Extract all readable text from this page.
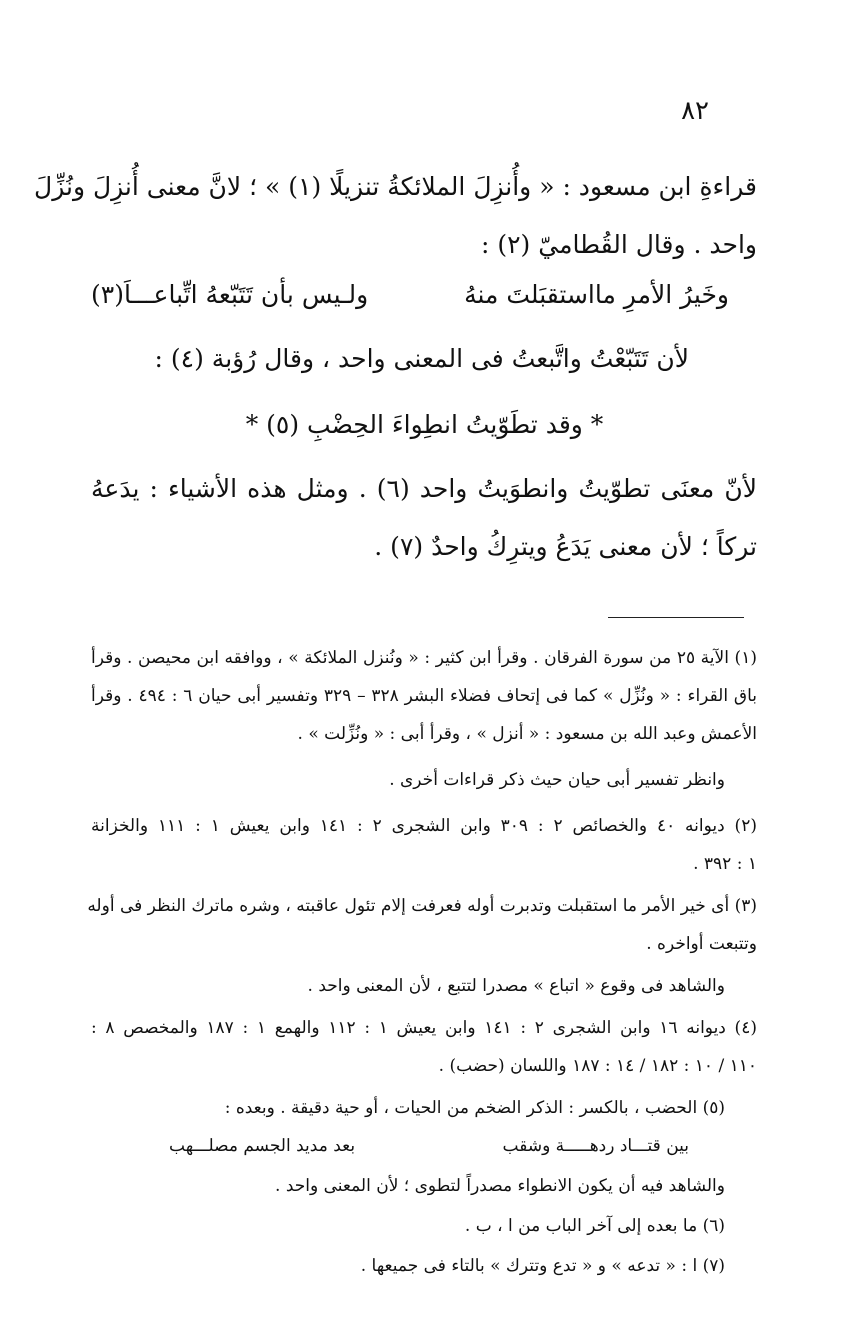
٨٢
قراءةِ ابن مسعود : « وأُنزِلَ الملائكةُ تنزيلًا (١) » ؛ لانَّ معنى أُنزِلَ ونُزِّلَ
واحد . وقال القُطاميّ (٢) :
وخَيرُ الأمرِ مااستقبَلتَ منهُ
ولـيس بأن تَتَبّعهُ اتِّباعـــاَ(٣)
لأن تَتَبّعْتُ واتَّبعتُ فى المعنى واحد ، وقال رُؤبة (٤) :
* وقد تطَوّيتُ انطِواءَ الحِضْبِ (٥) *
لأنّ معنَى تطوّيتُ وانطوَيتُ واحد (٦) . ومثل هذه الأشياء : يدَعهُ
تركاً ؛ لأن معنى يَدَعُ ويترِكُ واحدٌ (٧) .
(١) الآية ٢٥ من سورة الفرقان . وقرأ ابن كثير : « ونُنزل الملائكة » ، ووافقه ابن محيصن . وقرأ
باق القراء : « ونُزِّل » كما فى إتحاف فضلاء البشر ٣٢٨ – ٣٢٩ وتفسير أبى حيان ٦ : ٤٩٤ . وقرأ
الأعمش وعبد الله بن مسعود : « أنزل » ، وقرأ أبى : « ونُزِّلت » .
وانظر تفسير أبى حيان حيث ذكر قراءات أخرى .
(٢) ديوانه ٤٠ والخصائص ٢ : ٣٠٩ وابن الشجرى ٢ : ١٤١ وابن يعيش ١ : ١١١ والخزانة
١ : ٣٩٢ .
(٣) أى خير الأمر ما استقبلت وتدبرت أوله فعرفت إلام تئول عاقبته ، وشره ماترك النظر فى أوله
وتتبعت أواخره .
والشاهد فى وقوع « اتباع » مصدرا لتتبع ، لأن المعنى واحد .
(٤) ديوانه ١٦ وابن الشجرى ٢ : ١٤١ وابن يعيش ١ : ١١٢ والهمع ١ : ١٨٧ والمخصص ٨ :
١١٠ / ١٠ : ١٨٢ / ١٤ : ١٨٧ واللسان (حضب) .
(٥) الحضب ، بالكسر : الذكر الضخم من الحيات ، أو حية دقيقة . وبعده :
بين قتـــاد ردهـــــة وشقب
بعد مديد الجسم مصلـــهب
والشاهد فيه أن يكون الانطواء مصدراً لتطوى ؛ لأن المعنى واحد .
(٦) ما بعده إلى آخر الباب من ا ، ب .
(٧) ا : « تدعه » و « تدع وتترك » بالتاء فى جميعها .
